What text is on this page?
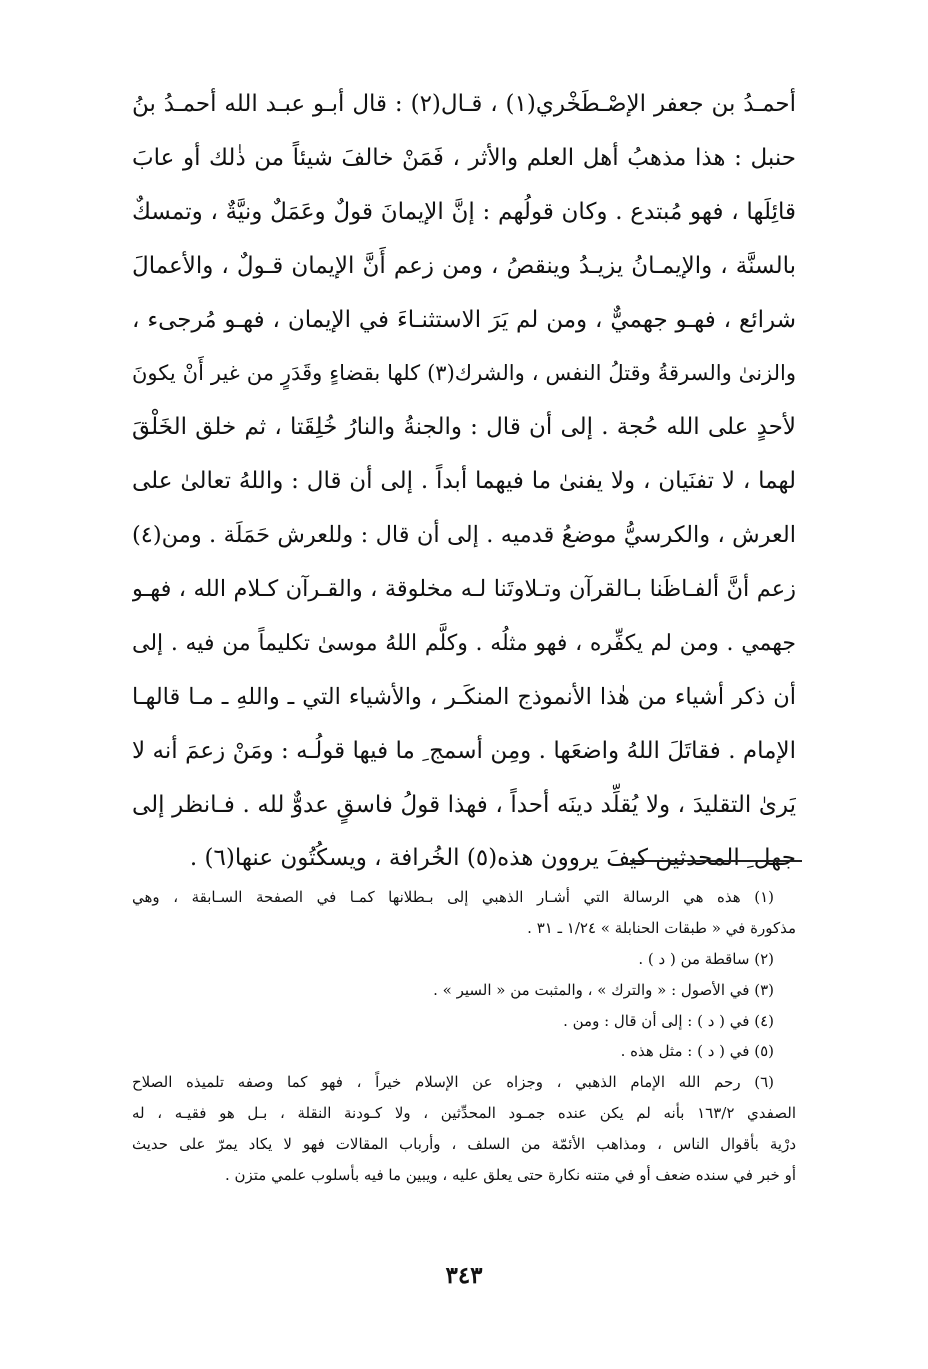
أحمـدُ بن جعفر الإصْـطَخْري(١) ، قـال(٢) : قال أبـو عبـد الله أحمـدُ بنُ
حنبل : هذا مذهبُ أهل العلم والأثر ، فَمَنْ خالفَ شيئاً من ذٰلك أو عابَ
قائِلَها ، فهو مُبتدع . وكان قولُهم : إنَّ الإيمانَ قولٌ وعَمَلٌ ونيَّةٌ ، وتمسكٌ
بالسنَّة ، والإيمـانُ يزيـدُ وينقصُ ، ومن زعم أَنَّ الإيمان قـولٌ ، والأعمالَ
شرائع ، فهـو جهميٌّ ، ومن لم يَرَ الاستثنـاءَ في الإيمان ، فهـو مُرجىء ،
والزنىٰ والسرقةُ وقتلُ النفس ، والشرك(٣) كلها بقضاءٍ وقَدَرٍ من غير أَنْ يكونَ
لأحدٍ على الله حُجة . إلى أن قال : والجنةُ والنارُ خُلِقَتا ، ثم خلق الخَلْقَ
لهما ، لا تفنَيان ، ولا يفنىٰ ما فيهما أبداً . إلى أن قال : واللهُ تعالىٰ على
العرش ، والكرسيُّ موضعُ قدميه . إلى أن قال : وللعرش حَمَلَة . ومن(٤)
زعم أنَّ ألفـاظَنا بـالقرآن وتـلاوتَنا لـه مخلوقة ، والقـرآن كـلام الله ، فهـو
جهمي . ومن لم يكفِّره ، فهو مثلُه . وكلَّم اللهُ موسىٰ تكليماً من فيه . إلى
أن ذكر أشياء من هٰذا الأنموذج المنكَـر ، والأشياء التي ـ واللهِ ـ مـا قالهـا
الإمام . فقاتَلَ اللهُ واضعَها . ومِن أسمج ِ ما فيها قولُـه : ومَنْ زعمَ أنه لا
يَرىٰ التقليدَ ، ولا يُقلِّد دينَه أحداً ، فهذا قولُ فاسقٍ عدوٌّ لله . فـانظر إلى
جهل ِ المحدثين كيفَ يروون هذه(٥) الخُرافة ، ويسكُتُون عنها(٦) .
(١) هذه هي الرسالة التي أشـار الذهبي إلى بـطلانها كمـا في الصفحة السـابقة ، وهي
مذكورة في « طبقات الحنابلة » ١/٢٤ ـ ٣١ .
(٢) ساقطة من ( د ) .
(٣) في الأصول : « والترك » ، والمثبت من « السير » .
(٤) في ( د ) : إلى أن قال : ومن .
(٥) في ( د ) : مثل هذه .
(٦) رحم الله الإمام الذهبي ، وجزاه عن الإسلام خيراً ، فهو كما وصفه تلميذه الصلاح
الصفدي ١٦٣/٢ بأنه لم يكن عنده جمـود المحدِّثين ، ولا كـودنة النقلة ، بـل هو فقيـه ، له
درْية بأقوال الناس ، ومذاهب الأئمّة من السلف ، وأرباب المقالات فهو لا يكاد يمرّ على حديث
أو خبر في سنده ضعف أو في متنه نكارة حتى يعلق عليه ، ويبين ما فيه بأسلوب علمي متزن .
٣٤٣
